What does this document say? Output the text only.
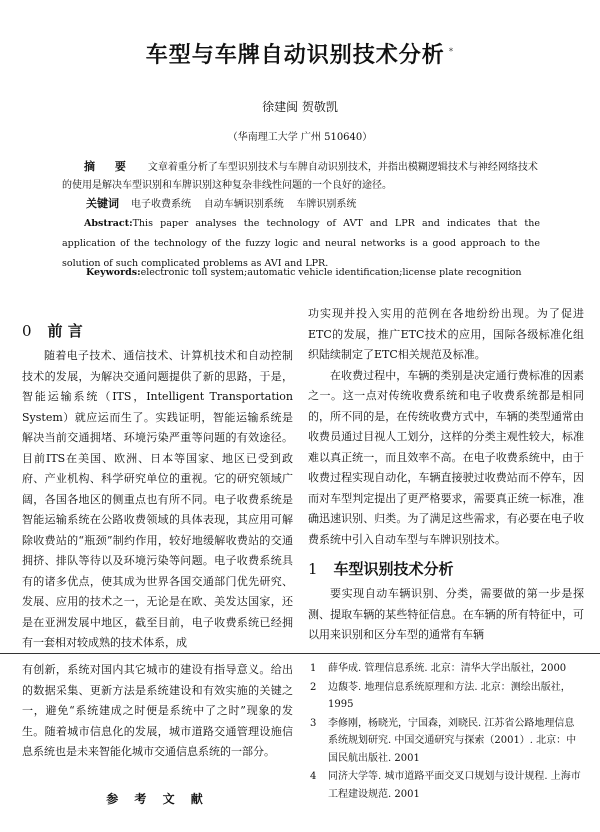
车型与车牌自动识别技术分析 *
徐建闽 贺敬凯
（华南理工大学 广州 510640）
摘 要 文章着重分析了车型识别技术与车牌自动识别技术，并指出模糊逻辑技术与神经网络技术的使用是解决车型识别和车牌识别这种复杂非线性问题的一个良好的途径。
关键词 电子收费系统    自动车辆识别系统    车牌识别系统
Abstract:This paper analyses the technology of AVT and LPR and indicates that the application of the technology of the fuzzy logic and neural networks is a good approach to the solution of such complicated problems as AVI and LPR.
Keywords:electronic toll system;automatic vehicle identification;license plate recognition
0 前 言

随着电子技术、通信技术、计算机技术和自动控制技术的发展，为解决交通问题提供了新的思路，于是，智能运输系统（ITS，Intelligent Transportation System）就应运而生了。实践证明，智能运输系统是解决当前交通拥堵、环境污染严重等问题的有效途径。目前ITS在美国、欧洲、日本等国家、地区已受到政府、产业机构、科学研究单位的重视。它的研究领域广阔，各国各地区的侧重点也有所不同。电子收费系统是智能运输系统在公路收费领域的具体表现，其应用可解除收费站的“瓶颈”制约作用，较好地缓解收费站的交通拥挤、排队等待以及环境污染等问题。电子收费系统具有的诸多优点，使其成为世界各国交通部门优先研究、发展、应用的技术之一，无论是在欧、美发达国家，还是在亚洲发展中地区，截至目前，电子收费系统已经拥有一套相对较成熟的技术体系，成

功实现并投入实用的范例在各地纷纷出现。为了促进ETC的发展，推广ETC技术的应用，国际各级标准化组织陆续制定了ETC相关规范及标准。

在收费过程中，车辆的类别是决定通行费标准的因素之一。这一点对传统收费系统和电子收费系统都是相同的，所不同的是，在传统收费方式中，车辆的类型通常由收费员通过目视人工划分，这样的分类主观性较大，标准难以真正统一，而且效率不高。在电子收费系统中，由于收费过程实现自动化，车辆直接驶过收费站而不停车，因而对车型判定提出了更严格要求，需要真正统一标准，准确迅速识别、归类。为了满足这些需求，有必要在电子收费系统中引入自动车型与车牌识别技术。

1 车型识别技术分析

要实现自动车辆识别、分类，需要做的第一步是探测、提取车辆的某些特征信息。在车辆的所有特征中，可以用来识别和区分车型的通常有车辆

有创新，系统对国内其它城市的建设有指导意义。给出的数据采集、更新方法是系统建设和有效实施的关键之一，避免“系统建成之时便是系统中了之时”现象的发生。随着城市信息化的发展，城市道路交通管理设施信息系统也是未来智能化城市交通信息系统的一部分。

参 考 文 献
1 薛华成. 管理信息系统. 北京：清华大学出版社，2000
2 边馥苓. 地理信息系统原理和方法. 北京：测绘出版社，1995
3 李修刚，杨晓光，宁国森，刘晓民. 江苏省公路地理信息系统规划研究. 中国交通研究与探索（2001）. 北京：中国民航出版社. 2001
4 同济大学等. 城市道路平面交叉口规划与设计规程. 上海市工程建设规范. 2001
